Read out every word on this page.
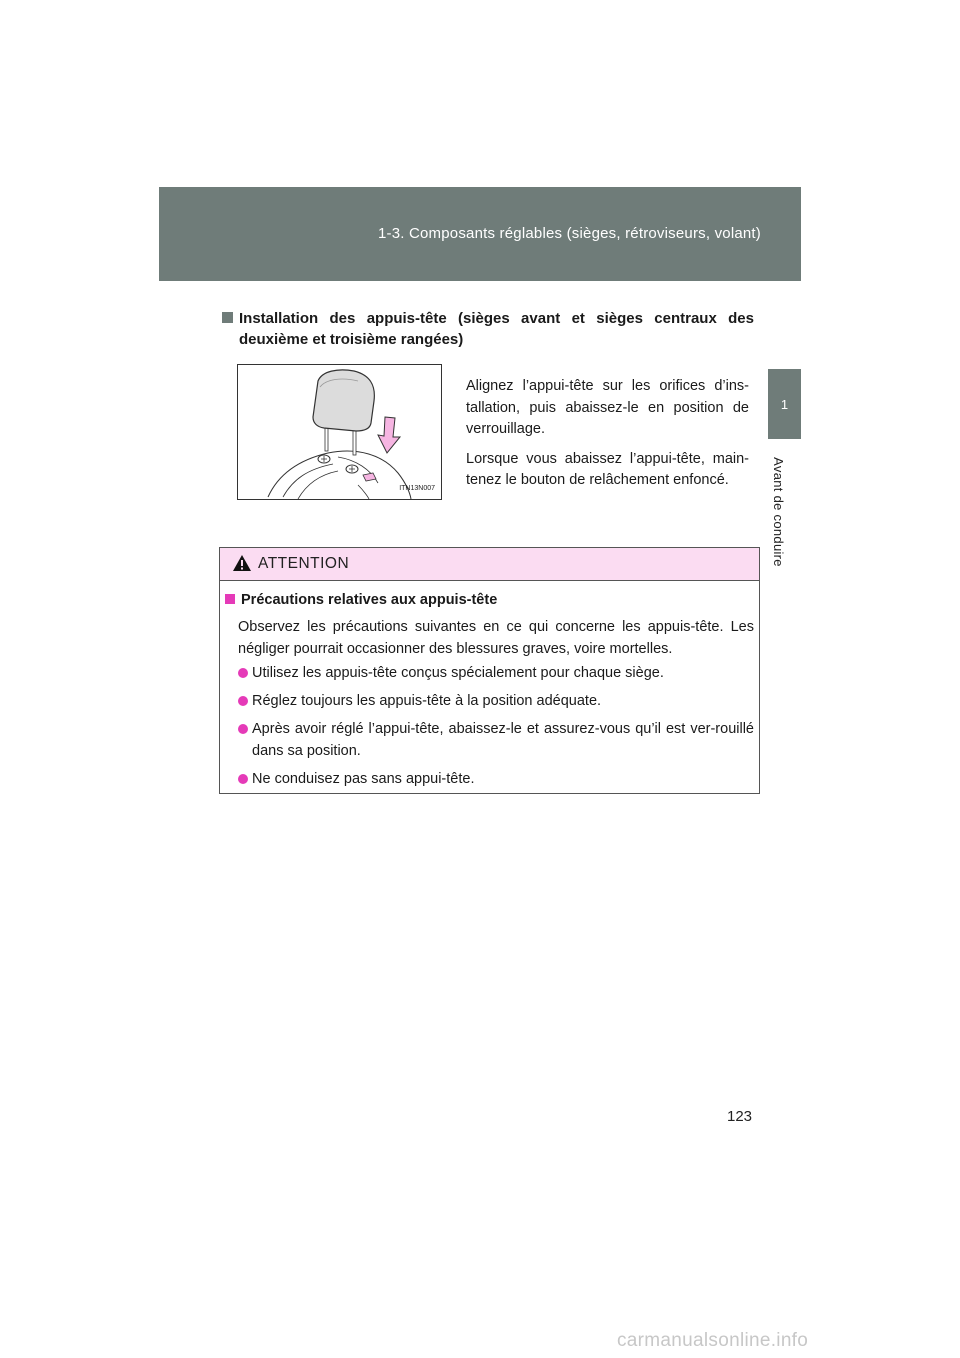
1-3. Composants réglables (sièges, rétroviseurs, volant)
1
Avant de conduire
Installation des appuis-tête (sièges avant et sièges centraux des deuxième et troisième rangées)
ITN13N007

Alignez l’appui-tête sur les orifices d’ins-tallation, puis abaissez-le en position de verrouillage.

Lorsque vous abaissez l’appui-tête, main-tenez le bouton de relâchement enfoncé.

ATTENTION
Précautions relatives aux appuis-tête
Observez les précautions suivantes en ce qui concerne les appuis-tête. Les négliger pourrait occasionner des blessures graves, voire mortelles.
Utilisez les appuis-tête conçus spécialement pour chaque siège.
Réglez toujours les appuis-tête à la position adéquate.
Après avoir réglé l’appui-tête, abaissez-le et assurez-vous qu’il est ver-rouillé dans sa position.
Ne conduisez pas sans appui-tête.
123
carmanualsonline.info
